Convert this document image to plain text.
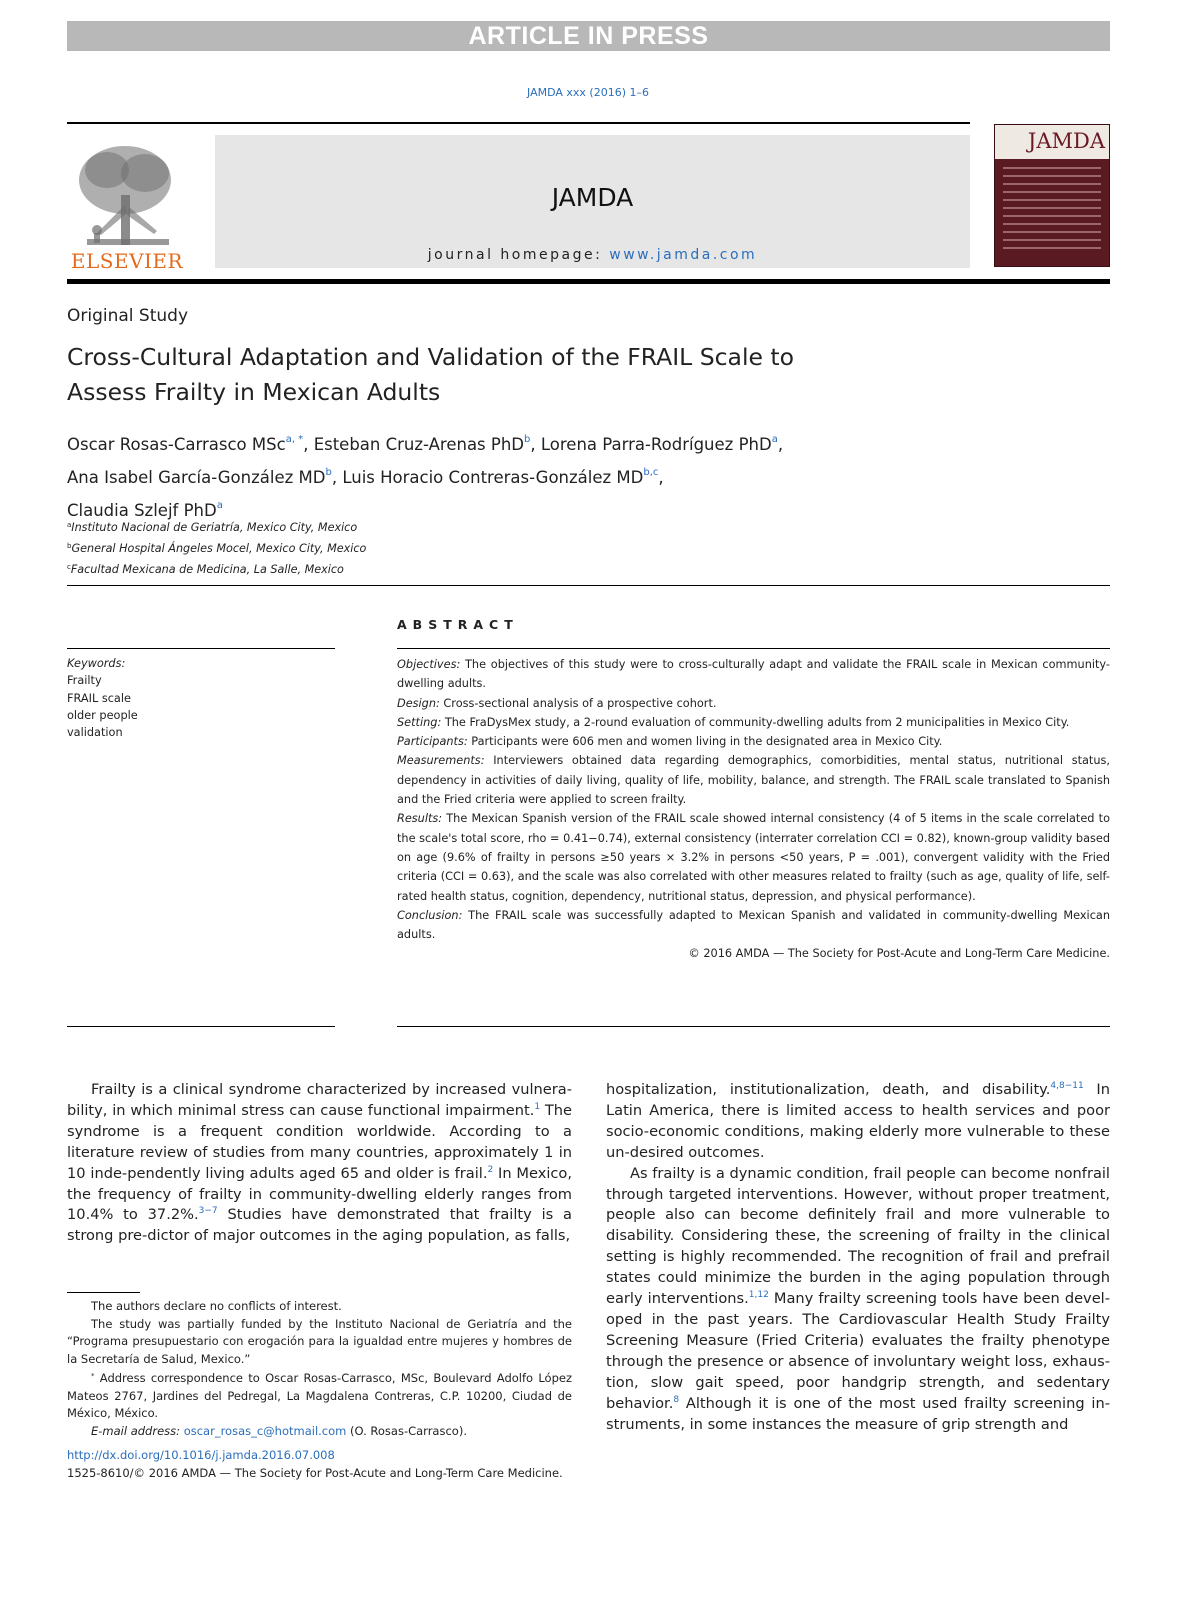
ARTICLE IN PRESS
JAMDA xxx (2016) 1–6
ELSEVIER
JAMDA
journal homepage: www.jamda.com
JAMDA
Original Study
Cross-Cultural Adaptation and Validation of the FRAIL Scale to
Assess Frailty in Mexican Adults
Oscar Rosas-Carrasco MSc$^{a, *}$, Esteban Cruz-Arenas PhD$^b$, Lorena Parra-Rodríguez PhD$^a$,
Ana Isabel García-González $MD^b$, Luis Horacio Contreras-González MD$^{b,c}$,
Claudia Szlejf PhD$^a$
$^a$Instituto Nacional de Geriatría, Mexico City, Mexico
$^b$General Hospital Ángeles Mocel, Mexico City, Mexico
$^c$Facultad Mexicana de Medicina, La Salle, Mexico
ABSTRACT
Keywords:
Frailty
FRAIL scale
older people
validation

Objectives: The objectives of this study were to cross-culturally adapt and validate the FRAIL scale in Mexican community-dwelling adults.

Design: Cross-sectional analysis of a prospective cohort.

Setting: The FraDysMex study, a 2-round evaluation of community-dwelling adults from 2 municipalities in Mexico City.

Participants: Participants were 606 men and women living in the designated area in Mexico City.

Measurements: Interviewers obtained data regarding demographics, comorbidities, mental status, nutritional status, dependency in activities of daily living, quality of life, mobility, balance, and strength. The FRAIL scale translated to Spanish and the Fried criteria were applied to screen frailty.

Results: The Mexican Spanish version of the FRAIL scale showed internal consistency (4 of 5 items in the scale correlated to the scale's total score, rho = 0.41−0.74), external consistency (interrater correlation CCI = 0.82), known-group validity based on age (9.6% of frailty in persons ≥50 years × 3.2% in persons <50 years, P = .001), convergent validity with the Fried criteria (CCI = 0.63), and the scale was also correlated with other measures related to frailty (such as age, quality of life, self-rated health status, cognition, dependency, nutritional status, depression, and physical performance).

Conclusion: The FRAIL scale was successfully adapted to Mexican Spanish and validated in community-dwelling Mexican adults.

© 2016 AMDA — The Society for Post-Acute and Long-Term Care Medicine.

Frailty is a clinical syndrome characterized by increased vulnera-bility, in which minimal stress can cause functional impairment.$^1$ The syndrome is a frequent condition worldwide. According to a literature review of studies from many countries, approximately 1 in 10 inde-pendently living adults aged 65 and older is frail.$^2$ In Mexico, the frequency of frailty in community-dwelling elderly ranges from 10.4% to 37.2%.$^{3-7}$ Studies have demonstrated that frailty is a strong pre-dictor of major outcomes in the aging population, as falls,

hospitalization, institutionalization, death, and disability.$^{4,8-11}$ In Latin America, there is limited access to health services and poor socio-economic conditions, making elderly more vulnerable to these un-desired outcomes.

As frailty is a dynamic condition, frail people can become nonfrail through targeted interventions. However, without proper treatment, people also can become definitely frail and more vulnerable to disability. Considering these, the screening of frailty in the clinical setting is highly recommended. The recognition of frail and prefrail states could minimize the burden in the aging population through early interventions.$^{1,12}$ Many frailty screening tools have been devel-oped in the past years. The Cardiovascular Health Study Frailty Screening Measure (Fried Criteria) evaluates the frailty phenotype through the presence or absence of involuntary weight loss, exhaus-tion, slow gait speed, poor handgrip strength, and sedentary behavior.$^8$ Although it is one of the most used frailty screening in-struments, in some instances the measure of grip strength and

The authors declare no conflicts of interest.

The study was partially funded by the Instituto Nacional de Geriatría and the “Programa presupuestario con erogación para la igualdad entre mujeres y hombres de la Secretaría de Salud, Mexico.”

* Address correspondence to Oscar Rosas-Carrasco, MSc, Boulevard Adolfo López Mateos 2767, Jardines del Pedregal, La Magdalena Contreras, C.P. 10200, Ciudad de México, México.

E-mail address: oscar_rosas_c@hotmail.com (O. Rosas-Carrasco).

http://dx.doi.org/10.1016/j.jamda.2016.07.008
1525-8610/© 2016 AMDA — The Society for Post-Acute and Long-Term Care Medicine.
